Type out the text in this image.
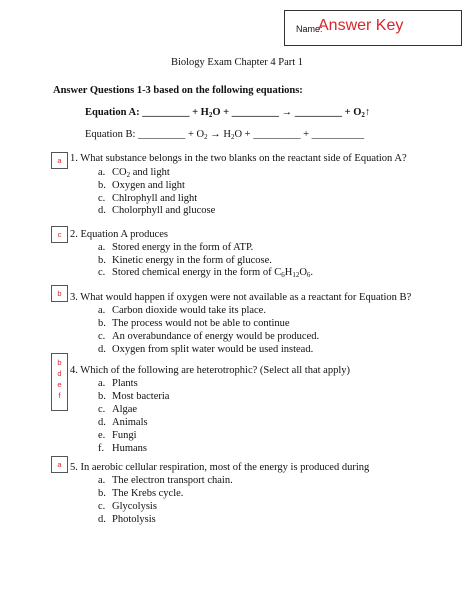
Name:
Answer Key
Biology Exam Chapter 4 Part 1
Answer Questions 1-3 based on the following equations:
Equation A: _________ + $H_2O$ + _________ → _________ + $O_2↑$
Equation B: _________ + $O_2 \to H_2O$ + _________ + __________
a 1. What substance belongs in the two blanks on the reactant side of Equation A?
a. $CO_2$ and light
b. Oxygen and light
c. Chlrophyll and light
d. Cholorphyll and glucose
c 2. Equation A produces
a. Stored energy in the form of ATP.
b. Kinetic energy in the form of glucose.
c. Stored chemical energy in the form of $C_6H_{12}O_6$.
b 3. What would happen if oxygen were not available as a reactant for Equation B?
a. Carbon dioxide would take its place.
b. The process would not be able to continue
c. An overabundance of energy would be produced.
d. Oxygen from split water would be used instead.
b
d
e
f
4. Which of the following are heterotrophic? (Select all that apply)
a. Plants
b. Most bacteria
c. Algae
d. Animals
e. Fungi
f. Humans
a 5. In aerobic cellular respiration, most of the energy is produced during
a. The electron transport chain.
b. The Krebs cycle.
c. Glycolysis
d. Photolysis
